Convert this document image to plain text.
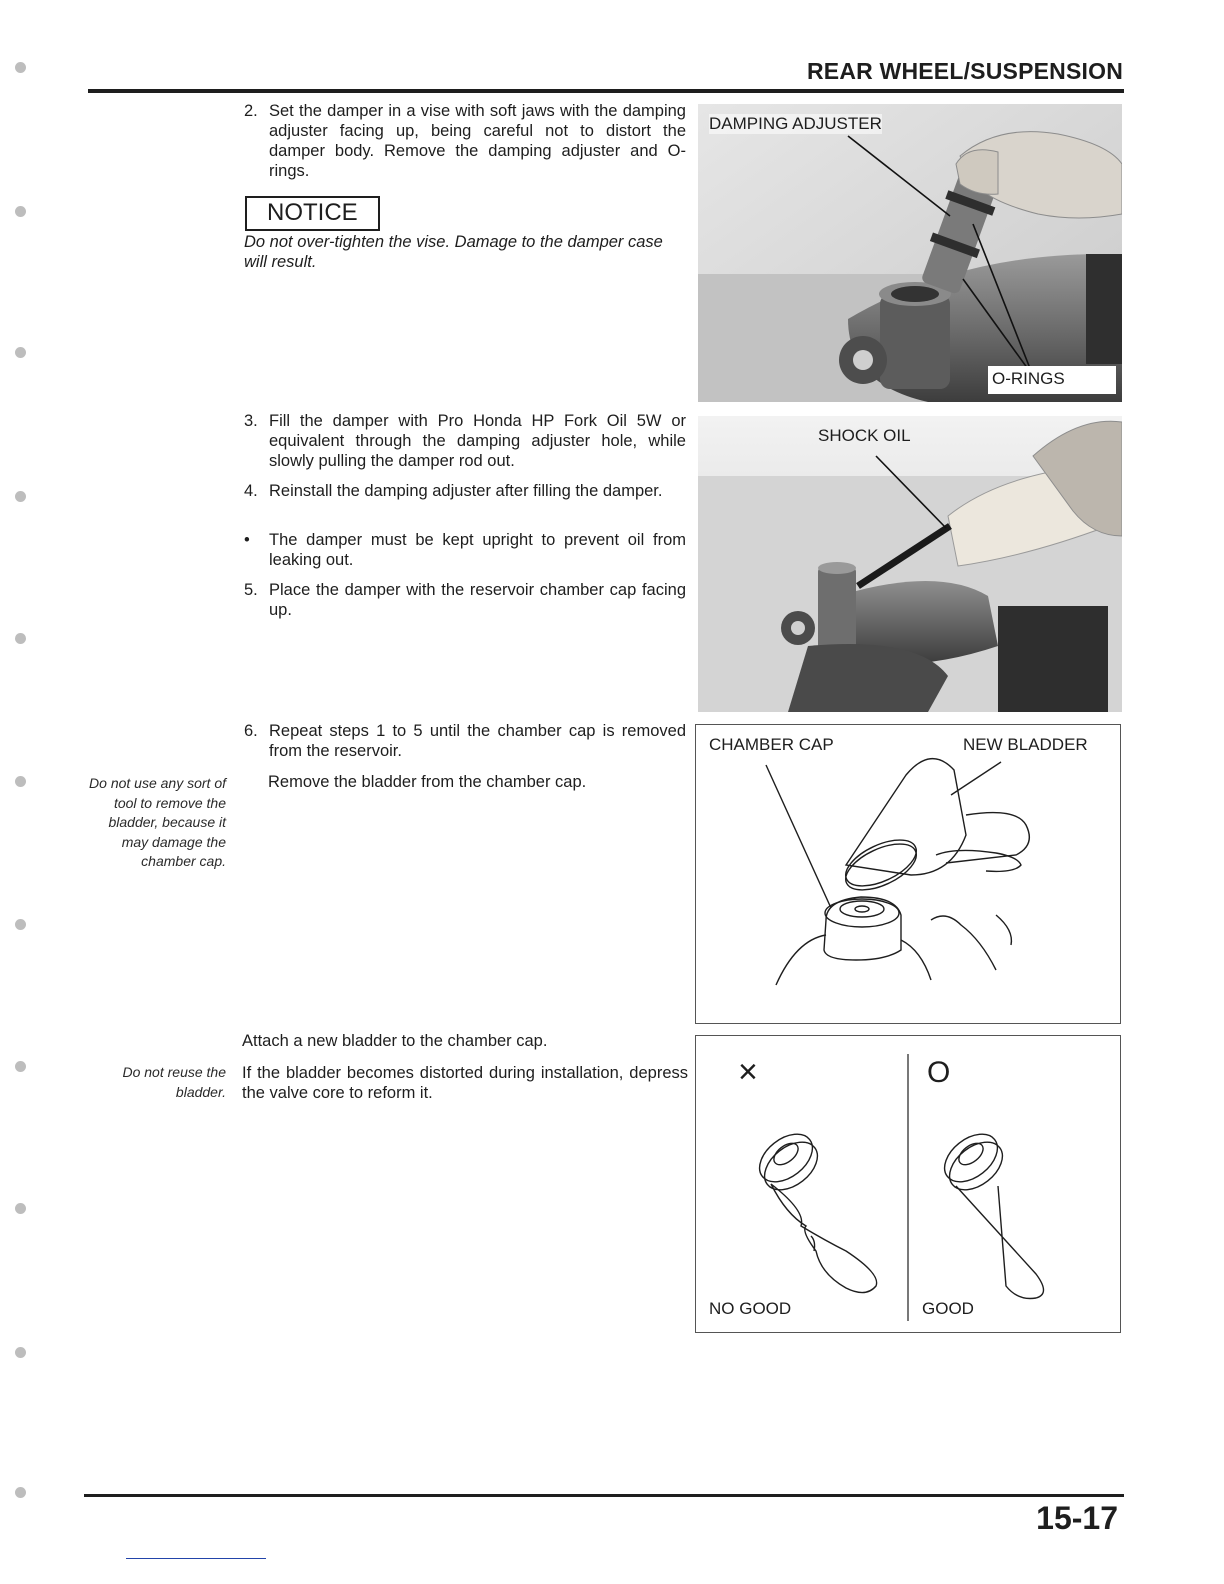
REAR WHEEL/SUSPENSION
2. Set the damper in a vise with soft jaws with the damping adjuster facing up, being careful not to distort the damper body. Remove the damping adjuster and O-rings.
NOTICE
Do not over-tighten the vise. Damage to the damper case will result.
3. Fill the damper with Pro Honda HP Fork Oil 5W or equivalent through the damping adjuster hole, while slowly pulling the damper rod out.
4. Reinstall the damping adjuster after filling the damper.
•	The damper must be kept upright to prevent oil from leaking out.
5. Place the damper with the reservoir chamber cap facing up.
6. Repeat steps 1 to 5 until the chamber cap is removed from the reservoir.
Remove the bladder from the chamber cap.
Do not use any sort of tool to remove the bladder, because it may damage the chamber cap.
Attach a new bladder to the chamber cap.
If the bladder becomes distorted during installation, depress the valve core to reform it.
Do not reuse the bladder.
DAMPING ADJUSTER
O-RINGS
SHOCK OIL
CHAMBER CAP	NEW BLADDER
×	O
NO GOOD	GOOD
15-17
